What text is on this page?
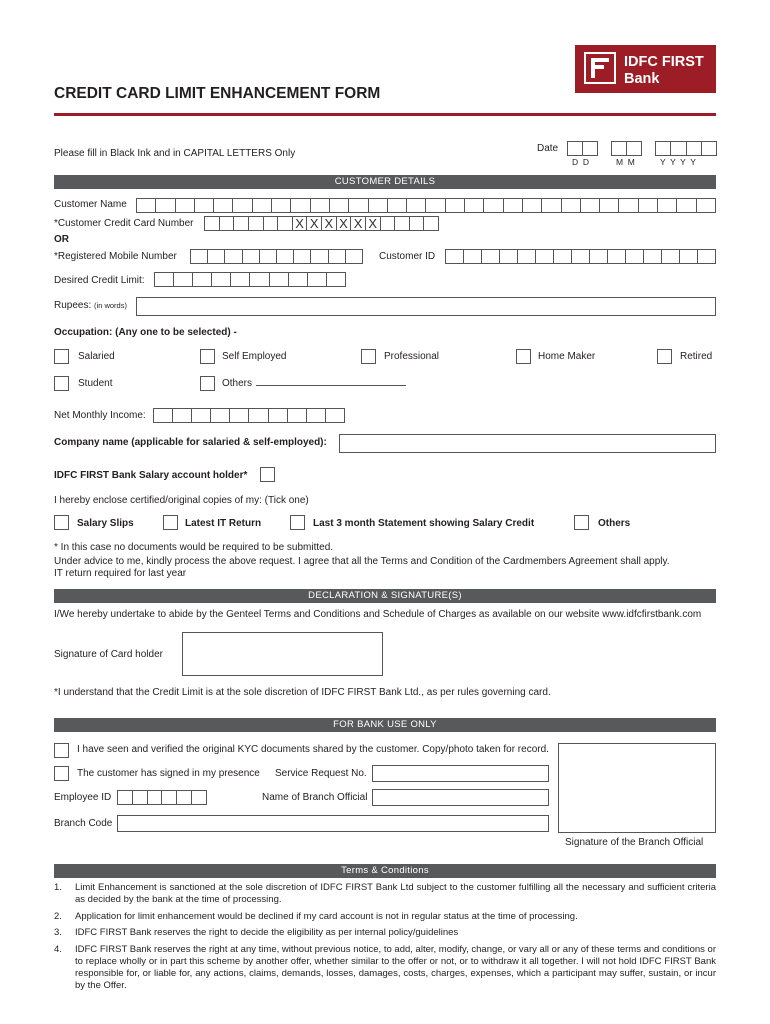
IDFC FIRST
Bank
CREDIT CARD LIMIT ENHANCEMENT FORM
Please fill in Black Ink and in CAPITAL LETTERS Only	Date
D  D	M  M	Y  Y  Y  Y
CUSTOMER DETAILS
Customer Name
*Customer Credit Card Number	X X X X X X
OR
*Registered Mobile Number	Customer ID
Desired Credit Limit:
Rupees: (in words)
Occupation: (Any one to be selected) -
Salaried	Self Employed	Professional	Home Maker	Retired
Student	Others
Net Monthly Income:
Company name (applicable for salaried & self-employed):
IDFC FIRST Bank Salary account holder*
I hereby enclose certified/original copies of my: (Tick one)
Salary Slips	Latest IT Return	Last 3 month Statement showing Salary Credit	Others
* In this case no documents would be required to be submitted.
Under advice to me, kindly process the above request. I agree that all the Terms and Condition of the Cardmembers Agreement shall apply.
IT return required for last year
DECLARATION & SIGNATURE(S)
I/We hereby undertake to abide by the Genteel Terms and Conditions and Schedule of Charges as available on our website www.idfcfirstbank.com
Signature of Card holder
*I understand that the Credit Limit is at the sole discretion of IDFC FIRST Bank Ltd., as per rules governing card.
FOR BANK USE ONLY
I have seen and verified the original KYC documents shared by the customer. Copy/photo taken for record.
The customer has signed in my presence Service Request No.
Employee ID	Name of Branch Official
Branch Code
Signature of the Branch Official
Terms & Conditions
1. Limit Enhancement is sanctioned at the sole discretion of IDFC FIRST Bank Ltd subject to the customer fulfilling all the necessary and sufficient criteria as decided by the bank at the time of processing.
2. Application for limit enhancement would be declined if my card account is not in regular status at the time of processing.
3. IDFC FIRST Bank reserves the right to decide the eligibility as per internal policy/guidelines
4. IDFC FIRST Bank reserves the right at any time, without previous notice, to add, alter, modify, change, or vary all or any of these terms and conditions or to replace wholly or in part this scheme by another offer, whether similar to the offer or not, or to withdraw it all together. I will not hold IDFC FIRST Bank responsible for, or liable for, any actions, claims, demands, losses, damages, costs, charges, expenses, which a participant may suffer, sustain, or incur by the Offer.
